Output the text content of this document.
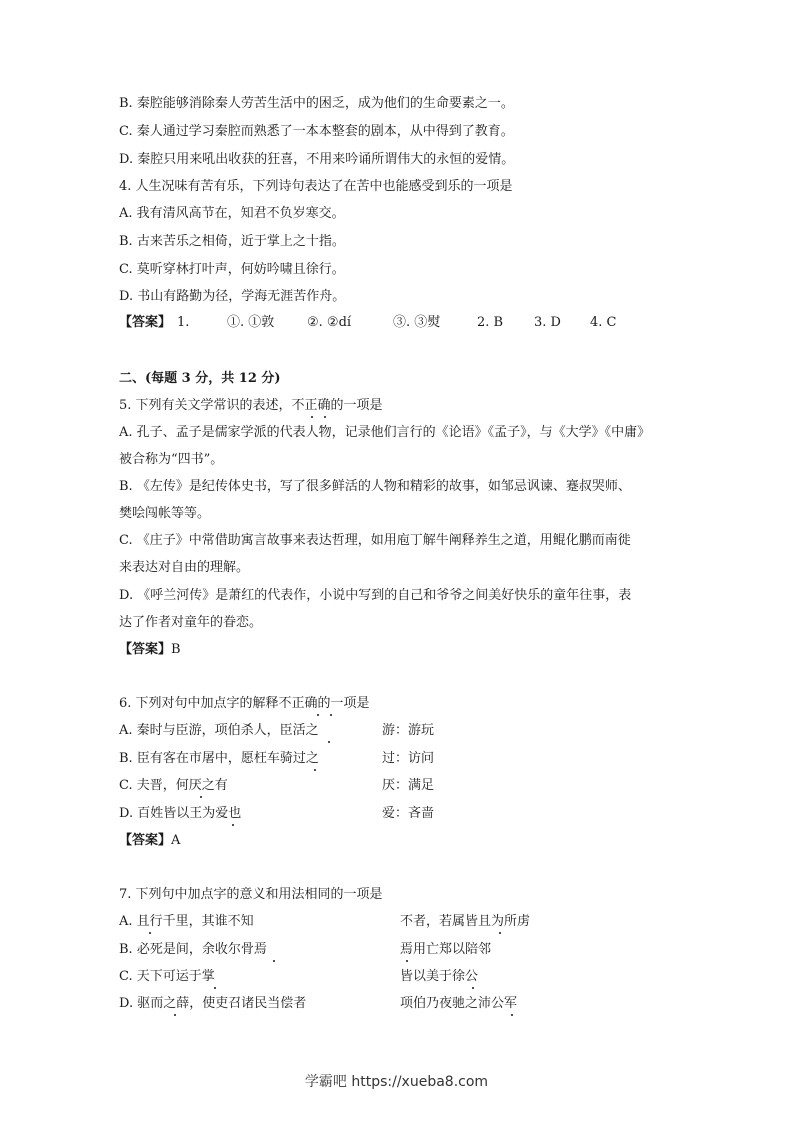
B. 秦腔能够消除秦人劳苦生活中的困乏，成为他们的生命要素之一。
C. 秦人通过学习秦腔而熟悉了一本本整套的剧本，从中得到了教育。
D. 秦腔只用来吼出收获的狂喜，不用来吟诵所谓伟大的永恒的爱情。
4. 人生况味有苦有乐，下列诗句表达了在苦中也能感受到乐的一项是
A. 我有清风高节在，知君不负岁寒交。
B. 古来苦乐之相倚，近于掌上之十指。
C. 莫听穿林打叶声，何妨吟啸且徐行。
D. 书山有路勤为径，学海无涯苦作舟。
【答案】 1.	①. ①敦	②. ②dí	③. ③熨	2. B 3. D 4. C
二、(每题 3 分，共 12 分)
5. 下列有关文学常识的表述，不正确的一项是
A. 孔子、孟子是儒家学派的代表人物，记录他们言行的《论语》《孟子》，与《大学》《中庸》
被合称为“四书”。
B. 《左传》是纪传体史书，写了很多鲜活的人物和精彩的故事，如邹忌讽谏、蹇叔哭师、
樊哙闯帐等等。
C. 《庄子》中常借助寓言故事来表达哲理，如用庖丁解牛阐释养生之道，用鲲化鹏而南徙
来表达对自由的理解。
D. 《呼兰河传》是萧红的代表作，小说中写到的自己和爷爷之间美好快乐的童年往事，表
达了作者对童年的眷恋。
【答案】B
6. 下列对句中加点字的解释不正确的一项是
A. 秦时与臣游，项伯杀人，臣活之	游：游玩
B. 臣有客在市屠中，愿枉车骑过之	过：访问
C. 夫晋，何厌之有	厌：满足
D. 百姓皆以王为爱也	爱：吝啬
【答案】A
7. 下列句中加点字的意义和用法相同的一项是
A. 且行千里，其谁不知	不者，若属皆且为所虏
B. 必死是间，余收尔骨焉	焉用亡郑以陪邻
C. 天下可运于掌	皆以美于徐公
D. 驱而之薛，使吏召诸民当偿者	项伯乃夜驰之沛公军
学霸吧 https://xueba8.com
